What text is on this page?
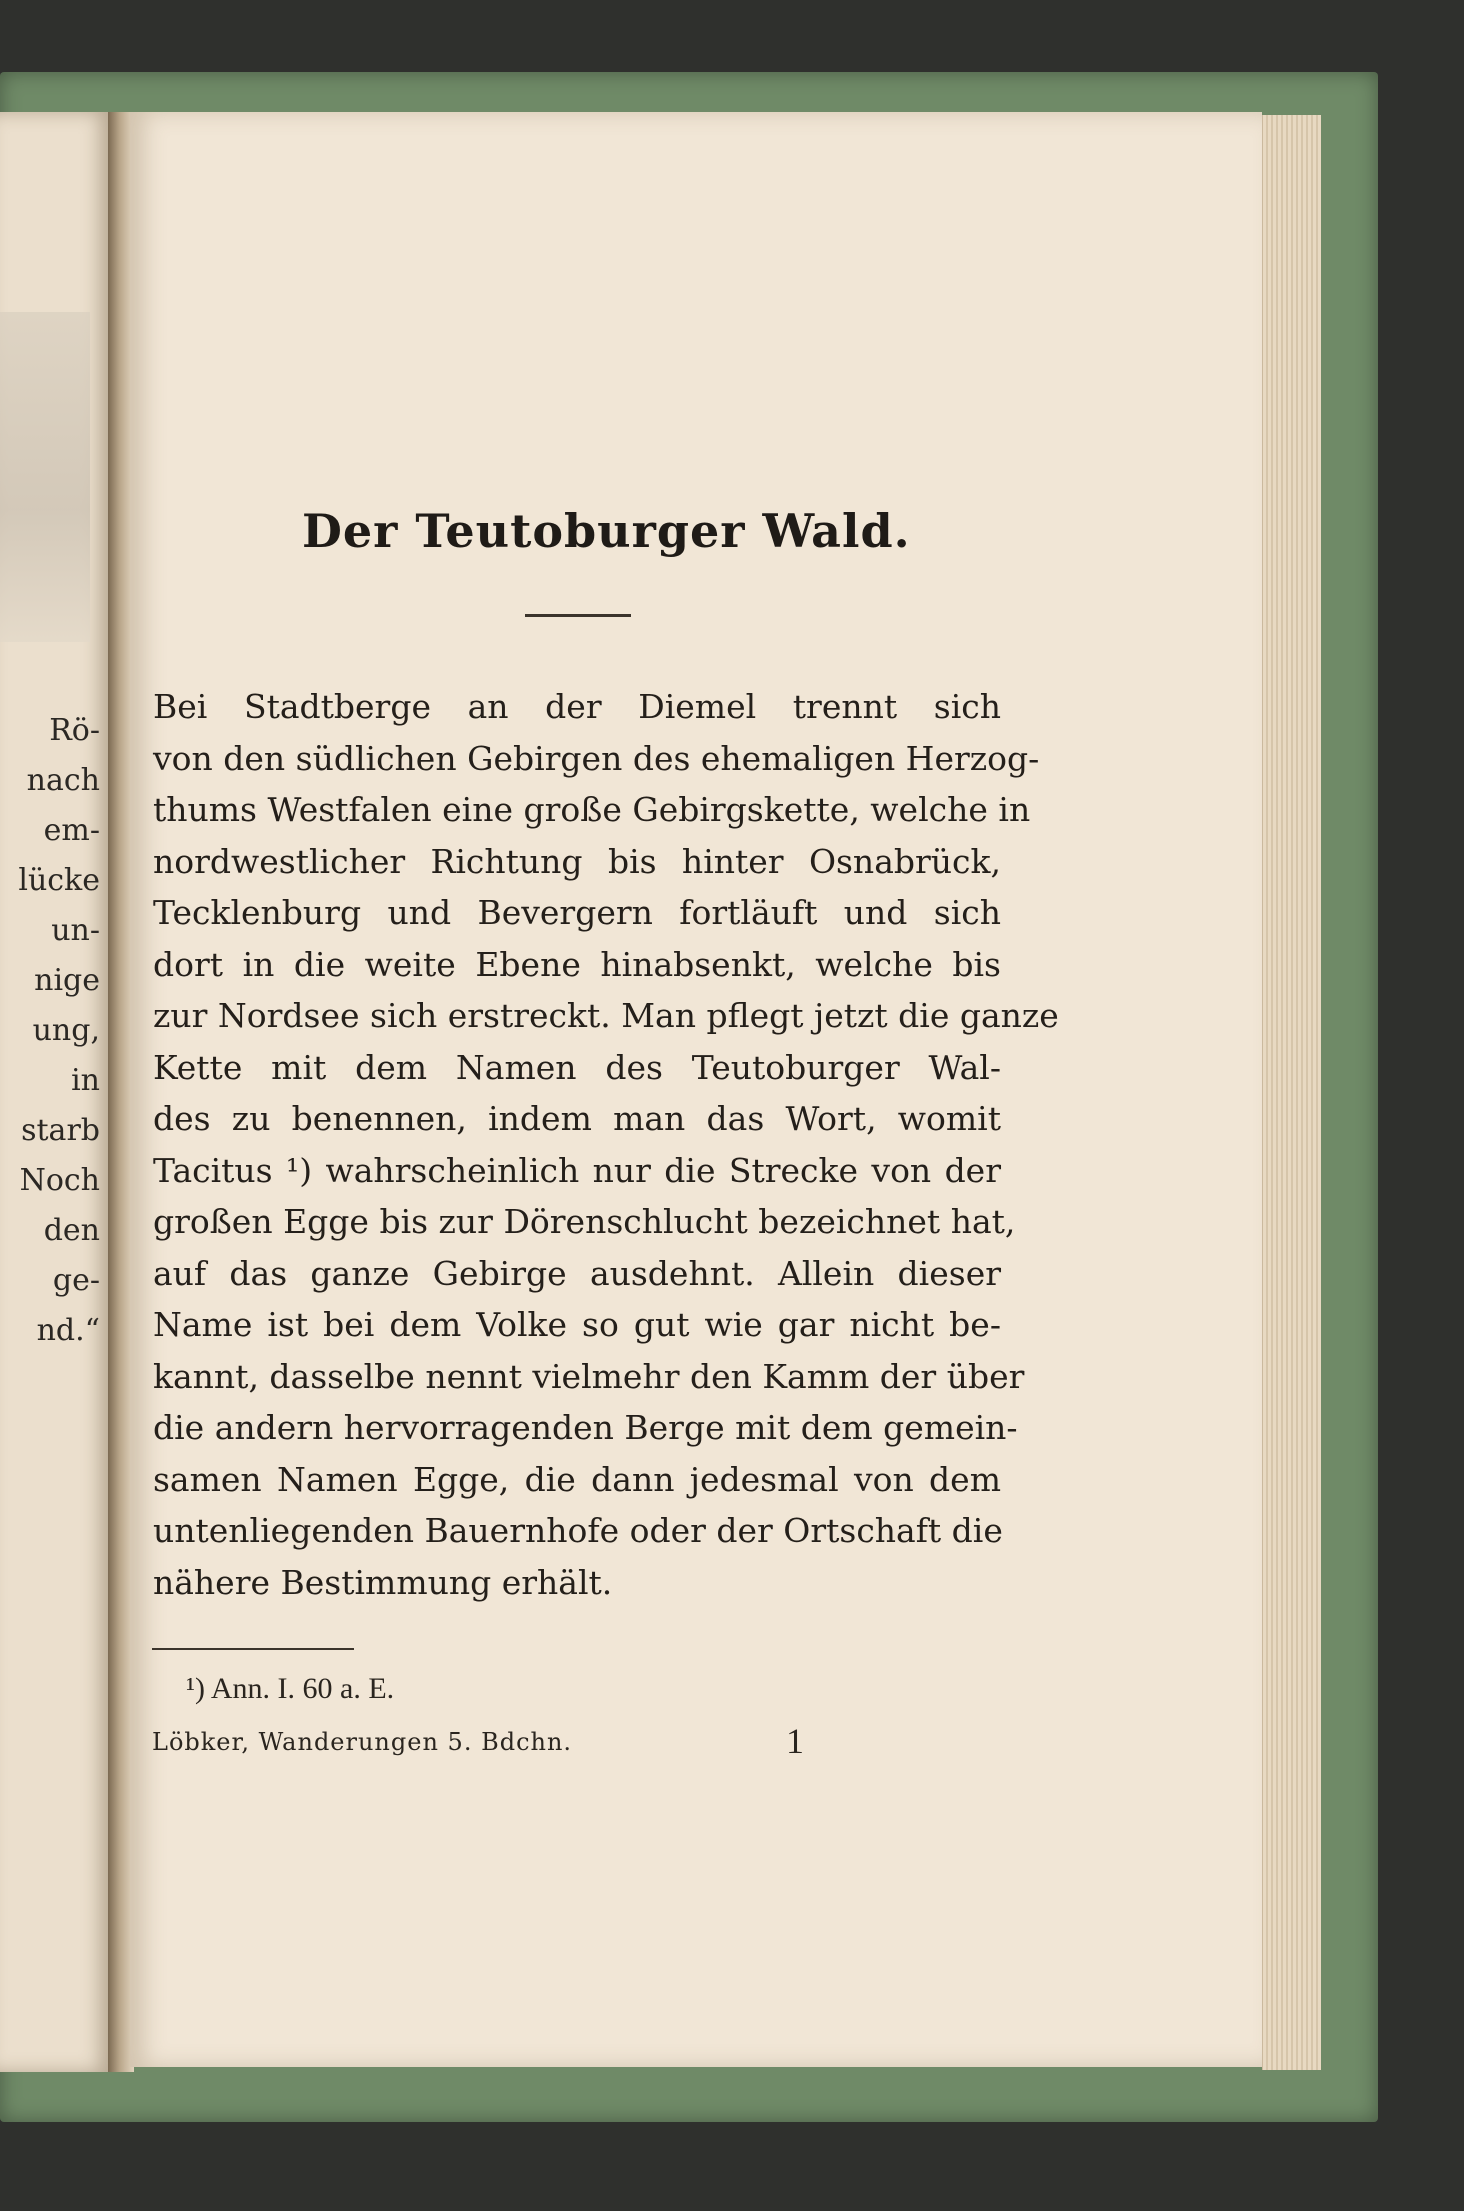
Rö-
nach
em-
lücke
un-
nige
ung,
in
starb
Noch
den
ge-
nd.“
Der Teutoburger Wald.
Bei Stadtberge an der Diemel trennt sich
von den südlichen Gebirgen des ehemaligen Herzog-
thums Westfalen eine große Gebirgskette, welche in
nordwestlicher Richtung bis hinter Osnabrück,
Tecklenburg und Bevergern fortläuft und sich
dort in die weite Ebene hinabsenkt, welche bis
zur Nordsee sich erstreckt. Man pflegt jetzt die ganze
Kette mit dem Namen des Teutoburger Wal-
des zu benennen, indem man das Wort, womit
Tacitus ¹) wahrscheinlich nur die Strecke von der
großen Egge bis zur Dörenschlucht bezeichnet hat,
auf das ganze Gebirge ausdehnt. Allein dieser
Name ist bei dem Volke so gut wie gar nicht be-
kannt, dasselbe nennt vielmehr den Kamm der über
die andern hervorragenden Berge mit dem gemein-
samen Namen Egge, die dann jedesmal von dem
untenliegenden Bauernhofe oder der Ortschaft die
nähere Bestimmung erhält.
¹) Ann. I. 60 a. E.
Löbker, Wanderungen 5. Bdchn.	1
